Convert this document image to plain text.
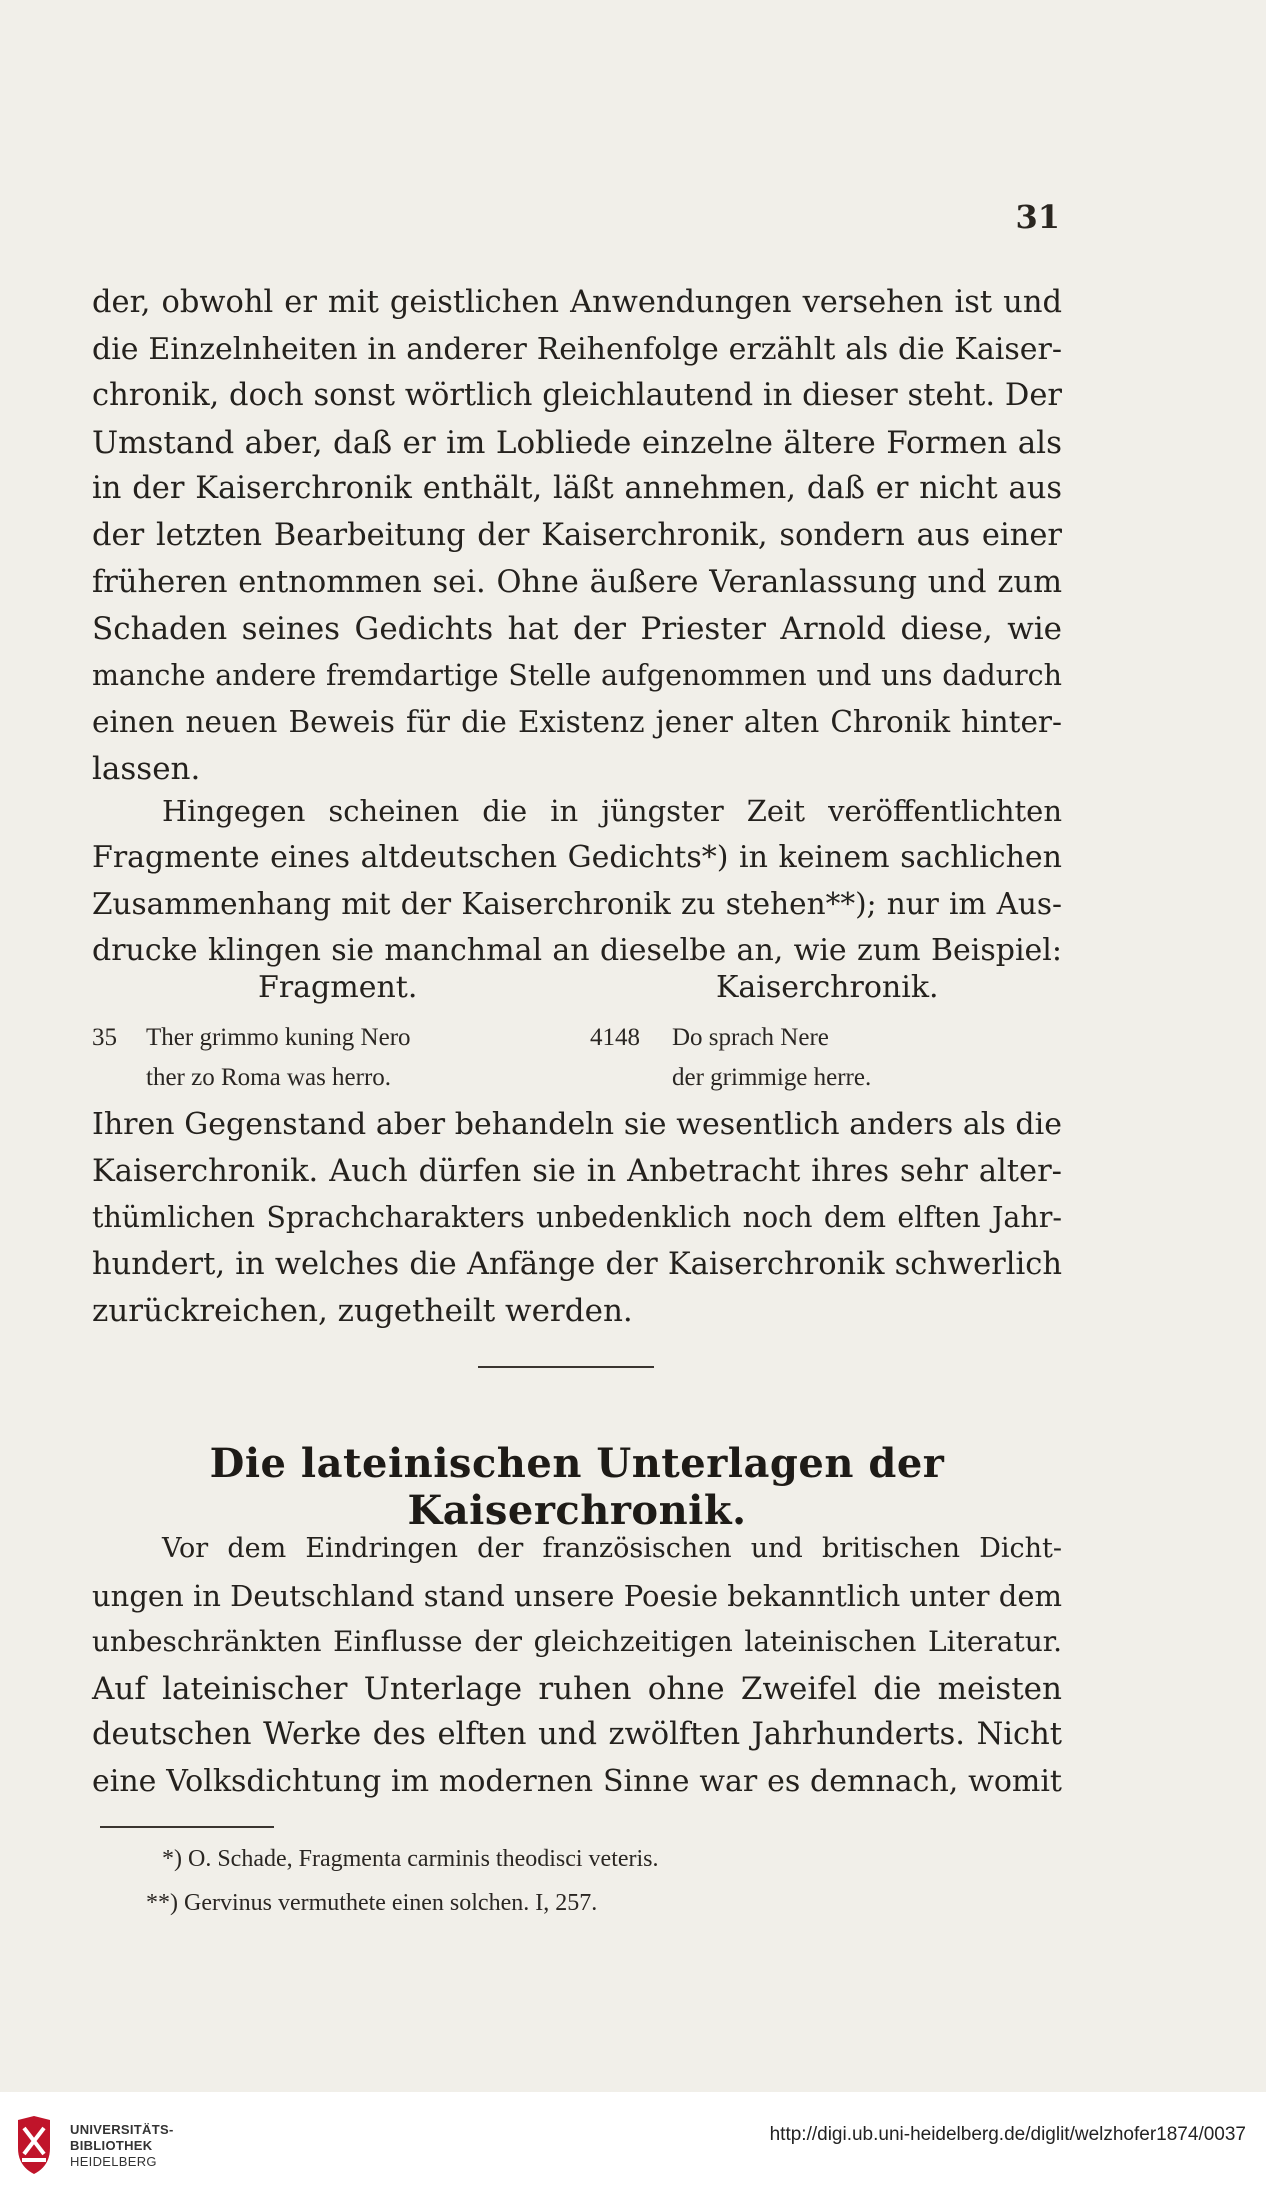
31
der, obwohl er mit geistlichen Anwendungen versehen ist und
die Einzelnheiten in anderer Reihenfolge erzählt als die Kaiser-
chronik, doch sonst wörtlich gleichlautend in dieser steht. Der
Umstand aber, daß er im Lobliede einzelne ältere Formen als
in der Kaiserchronik enthält, läßt annehmen, daß er nicht aus
der letzten Bearbeitung der Kaiserchronik, sondern aus einer
früheren entnommen sei. Ohne äußere Veranlassung und zum
Schaden seines Gedichts hat der Priester Arnold diese, wie
manche andere fremdartige Stelle aufgenommen und uns dadurch
einen neuen Beweis für die Existenz jener alten Chronik hinter-
lassen.
Hingegen scheinen die in jüngster Zeit veröffentlichten
Fragmente eines altdeutschen Gedichts*) in keinem sachlichen
Zusammenhang mit der Kaiserchronik zu stehen**); nur im Aus-
drucke klingen sie manchmal an dieselbe an, wie zum Beispiel:
Fragment.	Kaiserchronik.
35 Ther grimmo kuning Nero
ther zo Roma was herro.
4148 Do sprach Nere
der grimmige herre.
Ihren Gegenstand aber behandeln sie wesentlich anders als die
Kaiserchronik. Auch dürfen sie in Anbetracht ihres sehr alter-
thümlichen Sprachcharakters unbedenklich noch dem elften Jahr-
hundert, in welches die Anfänge der Kaiserchronik schwerlich
zurückreichen, zugetheilt werden.
Die lateinischen Unterlagen der Kaiserchronik.
Vor dem Eindringen der französischen und britischen Dicht-
ungen in Deutschland stand unsere Poesie bekanntlich unter dem
unbeschränkten Einflusse der gleichzeitigen lateinischen Literatur.
Auf lateinischer Unterlage ruhen ohne Zweifel die meisten
deutschen Werke des elften und zwölften Jahrhunderts. Nicht
eine Volksdichtung im modernen Sinne war es demnach, womit
*) O. Schade, Fragmenta carminis theodisci veteris.
**) Gervinus vermuthete einen solchen. I, 257.
UNIVERSITÄTS-
BIBLIOTHEK
HEIDELBERG
http://digi.ub.uni-heidelberg.de/diglit/welzhofer1874/0037
